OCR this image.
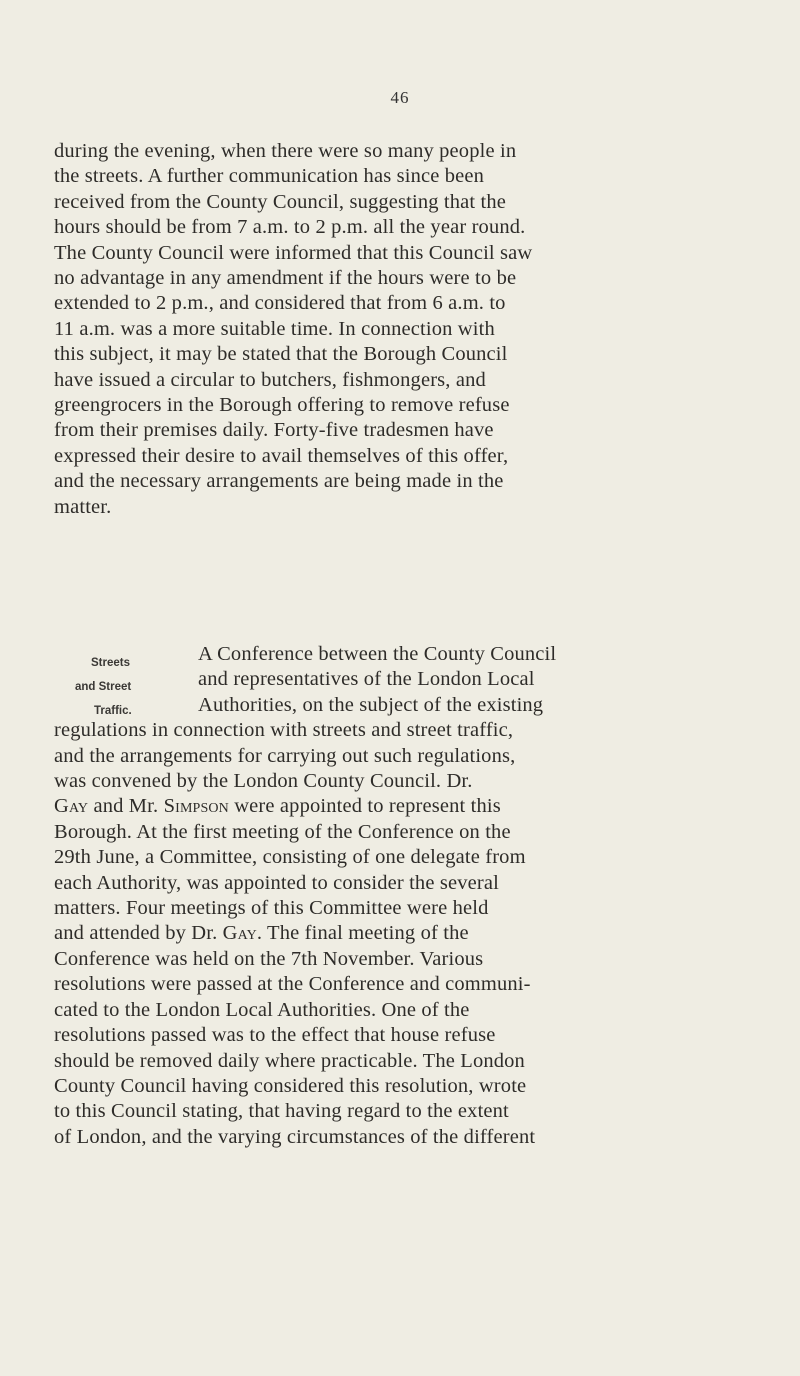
46
during the evening, when there were so many people in
the streets. A further communication has since been
received from the County Council, suggesting that the
hours should be from 7 a.m. to 2 p.m. all the year round.
The County Council were informed that this Council saw
no advantage in any amendment if the hours were to be
extended to 2 p.m., and considered that from 6 a.m. to
11 a.m. was a more suitable time. In connection with
this subject, it may be stated that the Borough Council
have issued a circular to butchers, fishmongers, and
greengrocers in the Borough offering to remove refuse
from their premises daily. Forty-five tradesmen have
expressed their desire to avail themselves of this offer,
and the necessary arrangements are being made in the
matter.
Streets
and Street
Traffic.
A Conference between the County Council
and representatives of the London Local
Authorities, on the subject of the existing
regulations in connection with streets and street traffic,
and the arrangements for carrying out such regulations,
was convened by the London County Council. Dr.
Gay and Mr. Simpson were appointed to represent this
Borough. At the first meeting of the Conference on the
29th June, a Committee, consisting of one delegate from
each Authority, was appointed to consider the several
matters. Four meetings of this Committee were held
and attended by Dr. Gay. The final meeting of the
Conference was held on the 7th November. Various
resolutions were passed at the Conference and communi-
cated to the London Local Authorities. One of the
resolutions passed was to the effect that house refuse
should be removed daily where practicable. The London
County Council having considered this resolution, wrote
to this Council stating, that having regard to the extent
of London, and the varying circumstances of the different
